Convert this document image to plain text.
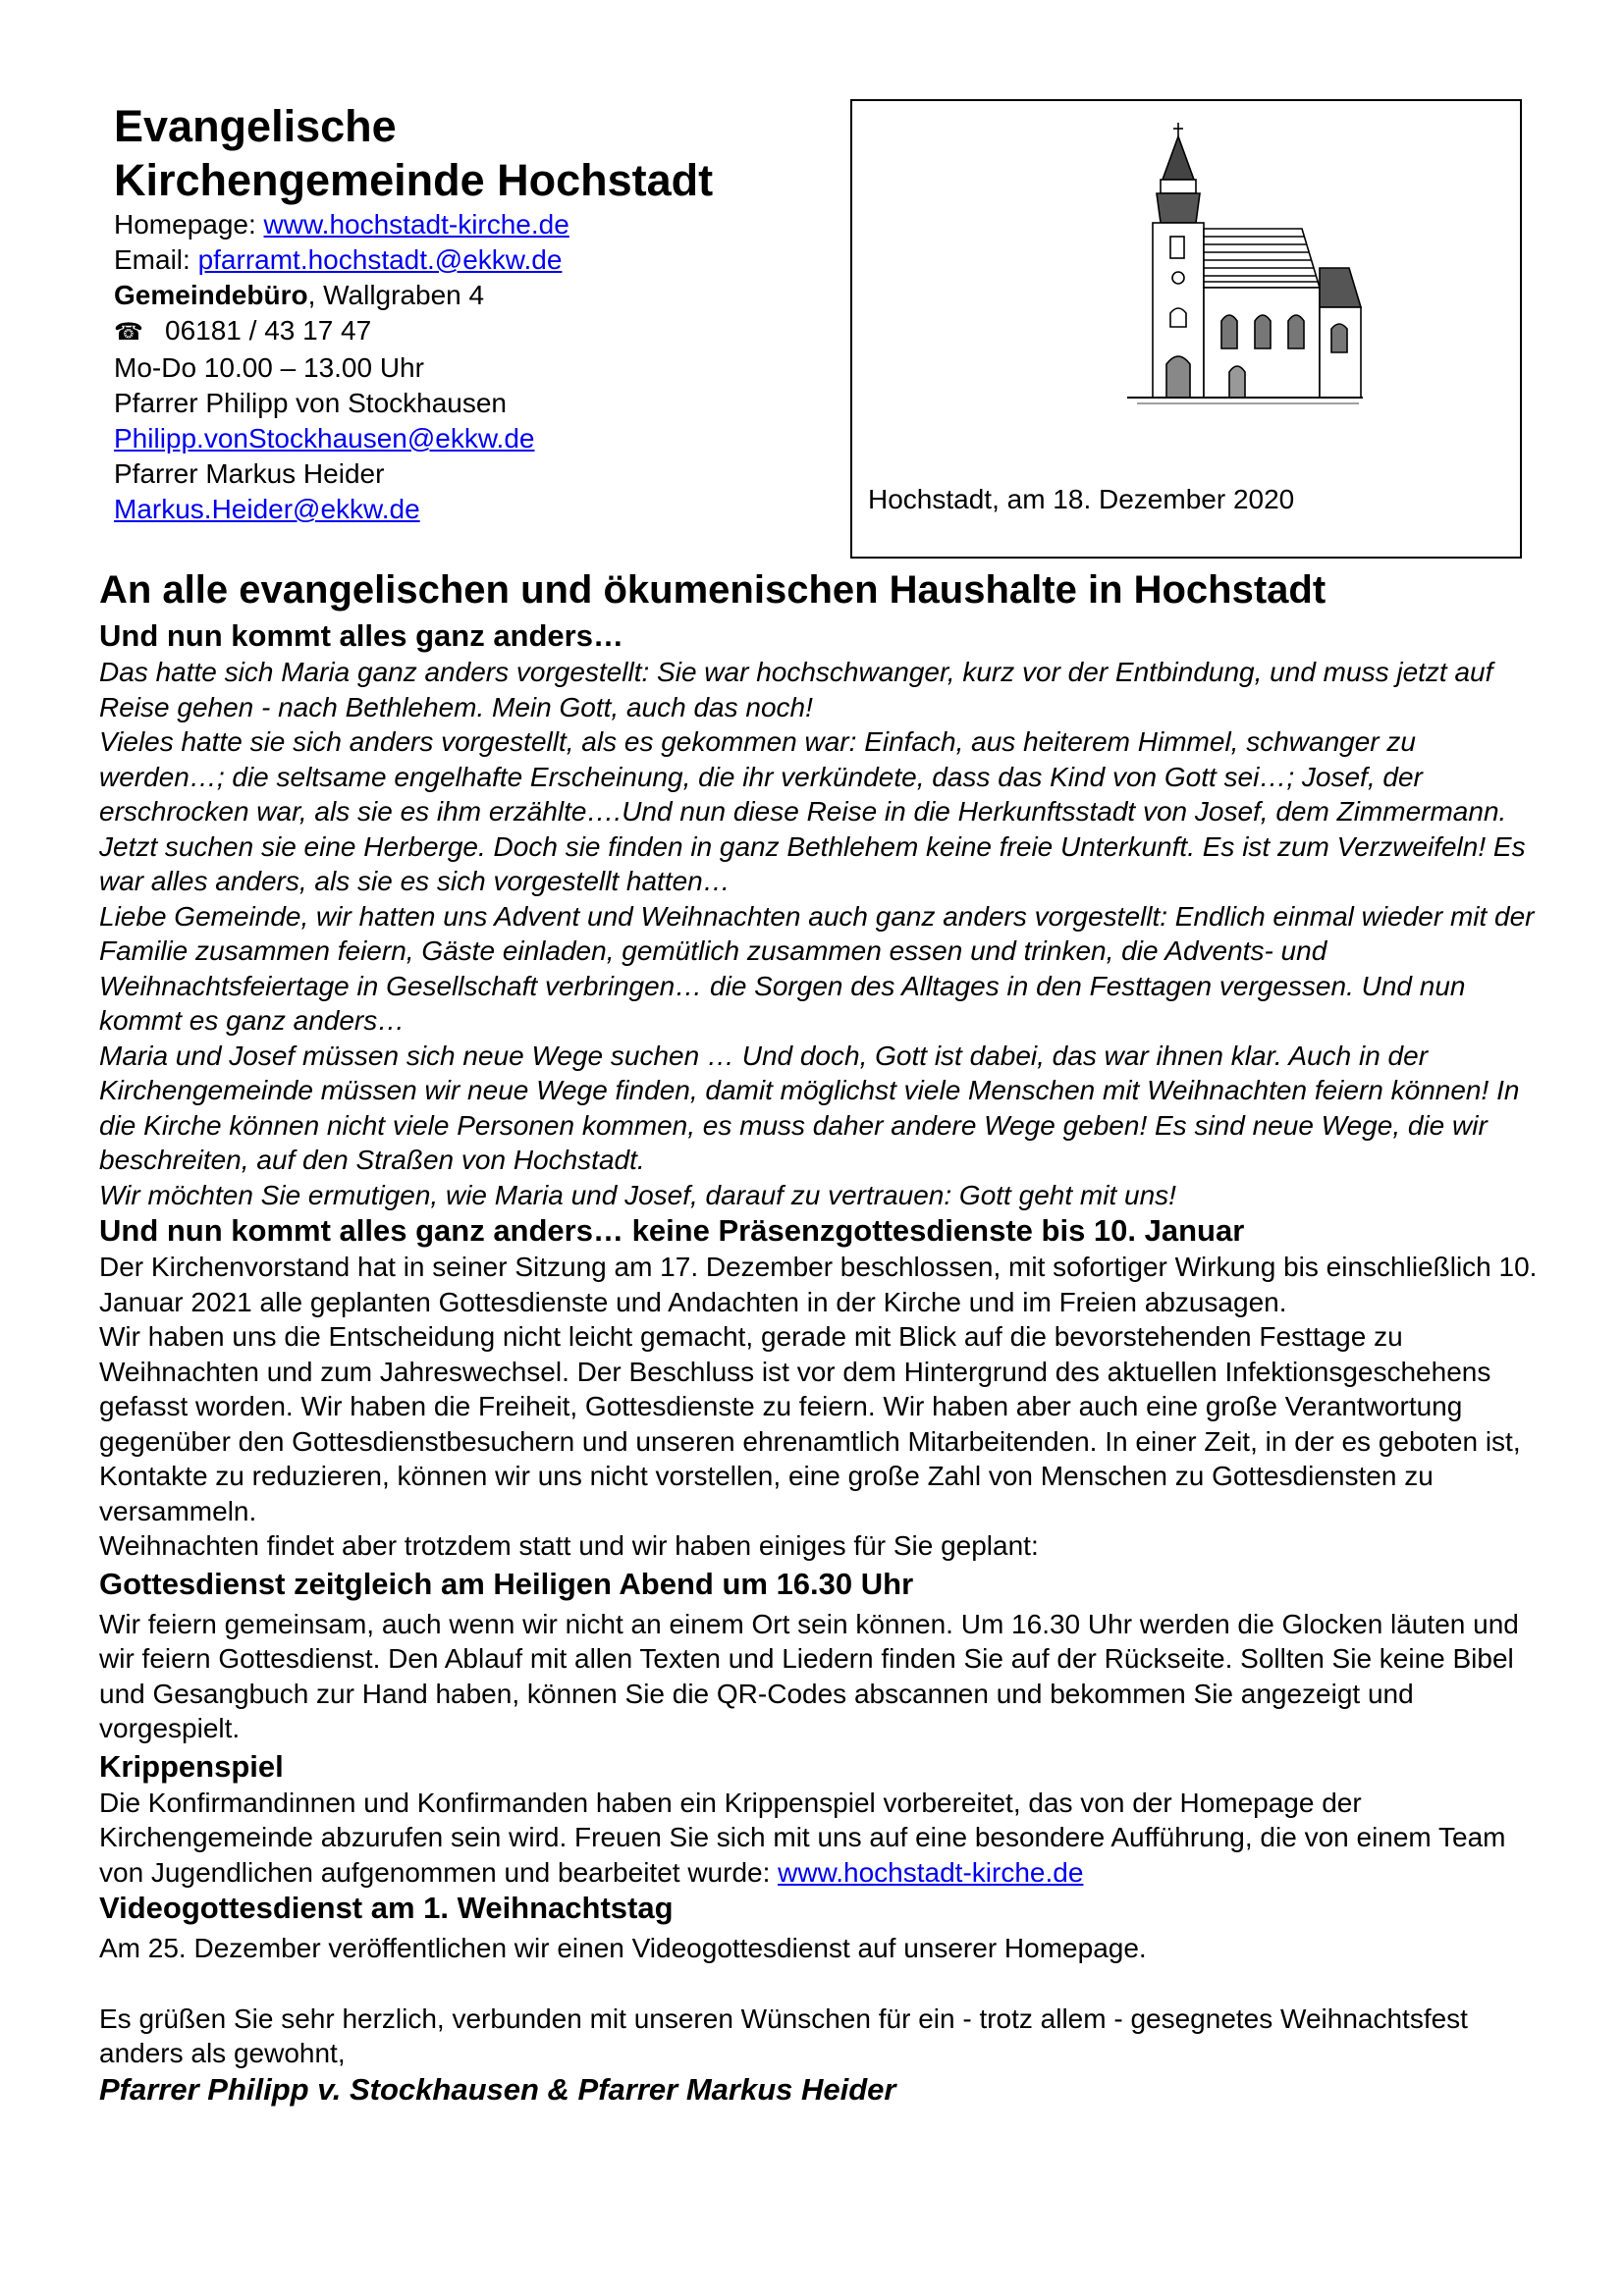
Evangelische
Kirchengemeinde Hochstadt
Homepage: www.hochstadt-kirche.de
Email: pfarramt.hochstadt.@ekkw.de
Gemeindebüro, Wallgraben 4
☎ 06181 / 43 17 47
Mo-Do 10.00 – 13.00 Uhr
Pfarrer Philipp von Stockhausen
Philipp.vonStockhausen@ekkw.de
Pfarrer Markus Heider
Markus.Heider@ekkw.de	Hochstadt, am 18. Dezember 2020
An alle evangelischen und ökumenischen Haushalte in Hochstadt
Und nun kommt alles ganz anders…

Das hatte sich Maria ganz anders vorgestellt: Sie war hochschwanger, kurz vor der Entbindung, und muss jetzt auf Reise gehen - nach Bethlehem. Mein Gott, auch das noch!

Vieles hatte sie sich anders vorgestellt, als es gekommen war: Einfach, aus heiterem Himmel, schwanger zu werden…; die seltsame engelhafte Erscheinung, die ihr verkündete, dass das Kind von Gott sei…; Josef, der erschrocken war, als sie es ihm erzählte….Und nun diese Reise in die Herkunftsstadt von Josef, dem Zimmermann. Jetzt suchen sie eine Herberge. Doch sie finden in ganz Bethlehem keine freie Unterkunft. Es ist zum Verzweifeln! Es war alles anders, als sie es sich vorgestellt hatten…

Liebe Gemeinde, wir hatten uns Advent und Weihnachten auch ganz anders vorgestellt: Endlich einmal wieder mit der Familie zusammen feiern, Gäste einladen, gemütlich zusammen essen und trinken, die Advents- und Weihnachtsfeiertage in Gesellschaft verbringen… die Sorgen des Alltages in den Festtagen vergessen. Und nun kommt es ganz anders…

Maria und Josef müssen sich neue Wege suchen … Und doch, Gott ist dabei, das war ihnen klar. Auch in der Kirchengemeinde müssen wir neue Wege finden, damit möglichst viele Menschen mit Weihnachten feiern können! In die Kirche können nicht viele Personen kommen, es muss daher andere Wege geben! Es sind neue Wege, die wir beschreiten, auf den Straßen von Hochstadt.

Wir möchten Sie ermutigen, wie Maria und Josef, darauf zu vertrauen: Gott geht mit uns!

Und nun kommt alles ganz anders… keine Präsenzgottesdienste bis 10. Januar

Der Kirchenvorstand hat in seiner Sitzung am 17. Dezember beschlossen, mit sofortiger Wirkung bis einschließlich 10. Januar 2021 alle geplanten Gottesdienste und Andachten in der Kirche und im Freien abzusagen.

Wir haben uns die Entscheidung nicht leicht gemacht, gerade mit Blick auf die bevorstehenden Festtage zu Weihnachten und zum Jahreswechsel. Der Beschluss ist vor dem Hintergrund des aktuellen Infektionsgeschehens gefasst worden. Wir haben die Freiheit, Gottesdienste zu feiern. Wir haben aber auch eine große Verantwortung gegenüber den Gottesdienstbesuchern und unseren ehrenamtlich Mitarbeitenden. In einer Zeit, in der es geboten ist, Kontakte zu reduzieren, können wir uns nicht vorstellen, eine große Zahl von Menschen zu Gottesdiensten zu versammeln.

Weihnachten findet aber trotzdem statt und wir haben einiges für Sie geplant:

Gottesdienst zeitgleich am Heiligen Abend um 16.30 Uhr

Wir feiern gemeinsam, auch wenn wir nicht an einem Ort sein können. Um 16.30 Uhr werden die Glocken läuten und wir feiern Gottesdienst. Den Ablauf mit allen Texten und Liedern finden Sie auf der Rückseite. Sollten Sie keine Bibel und Gesangbuch zur Hand haben, können Sie die QR-Codes abscannen und bekommen Sie angezeigt und vorgespielt.

Krippenspiel

Die Konfirmandinnen und Konfirmanden haben ein Krippenspiel vorbereitet, das von der Homepage der Kirchengemeinde abzurufen sein wird. Freuen Sie sich mit uns auf eine besondere Aufführung, die von einem Team von Jugendlichen aufgenommen und bearbeitet wurde: www.hochstadt-kirche.de

Videogottesdienst am 1. Weihnachtstag

Am 25. Dezember veröffentlichen wir einen Videogottesdienst auf unserer Homepage.

Es grüßen Sie sehr herzlich, verbunden mit unseren Wünschen für ein - trotz allem - gesegnetes Weihnachtsfest anders als gewohnt,

Pfarrer Philipp v. Stockhausen & Pfarrer Markus Heider
